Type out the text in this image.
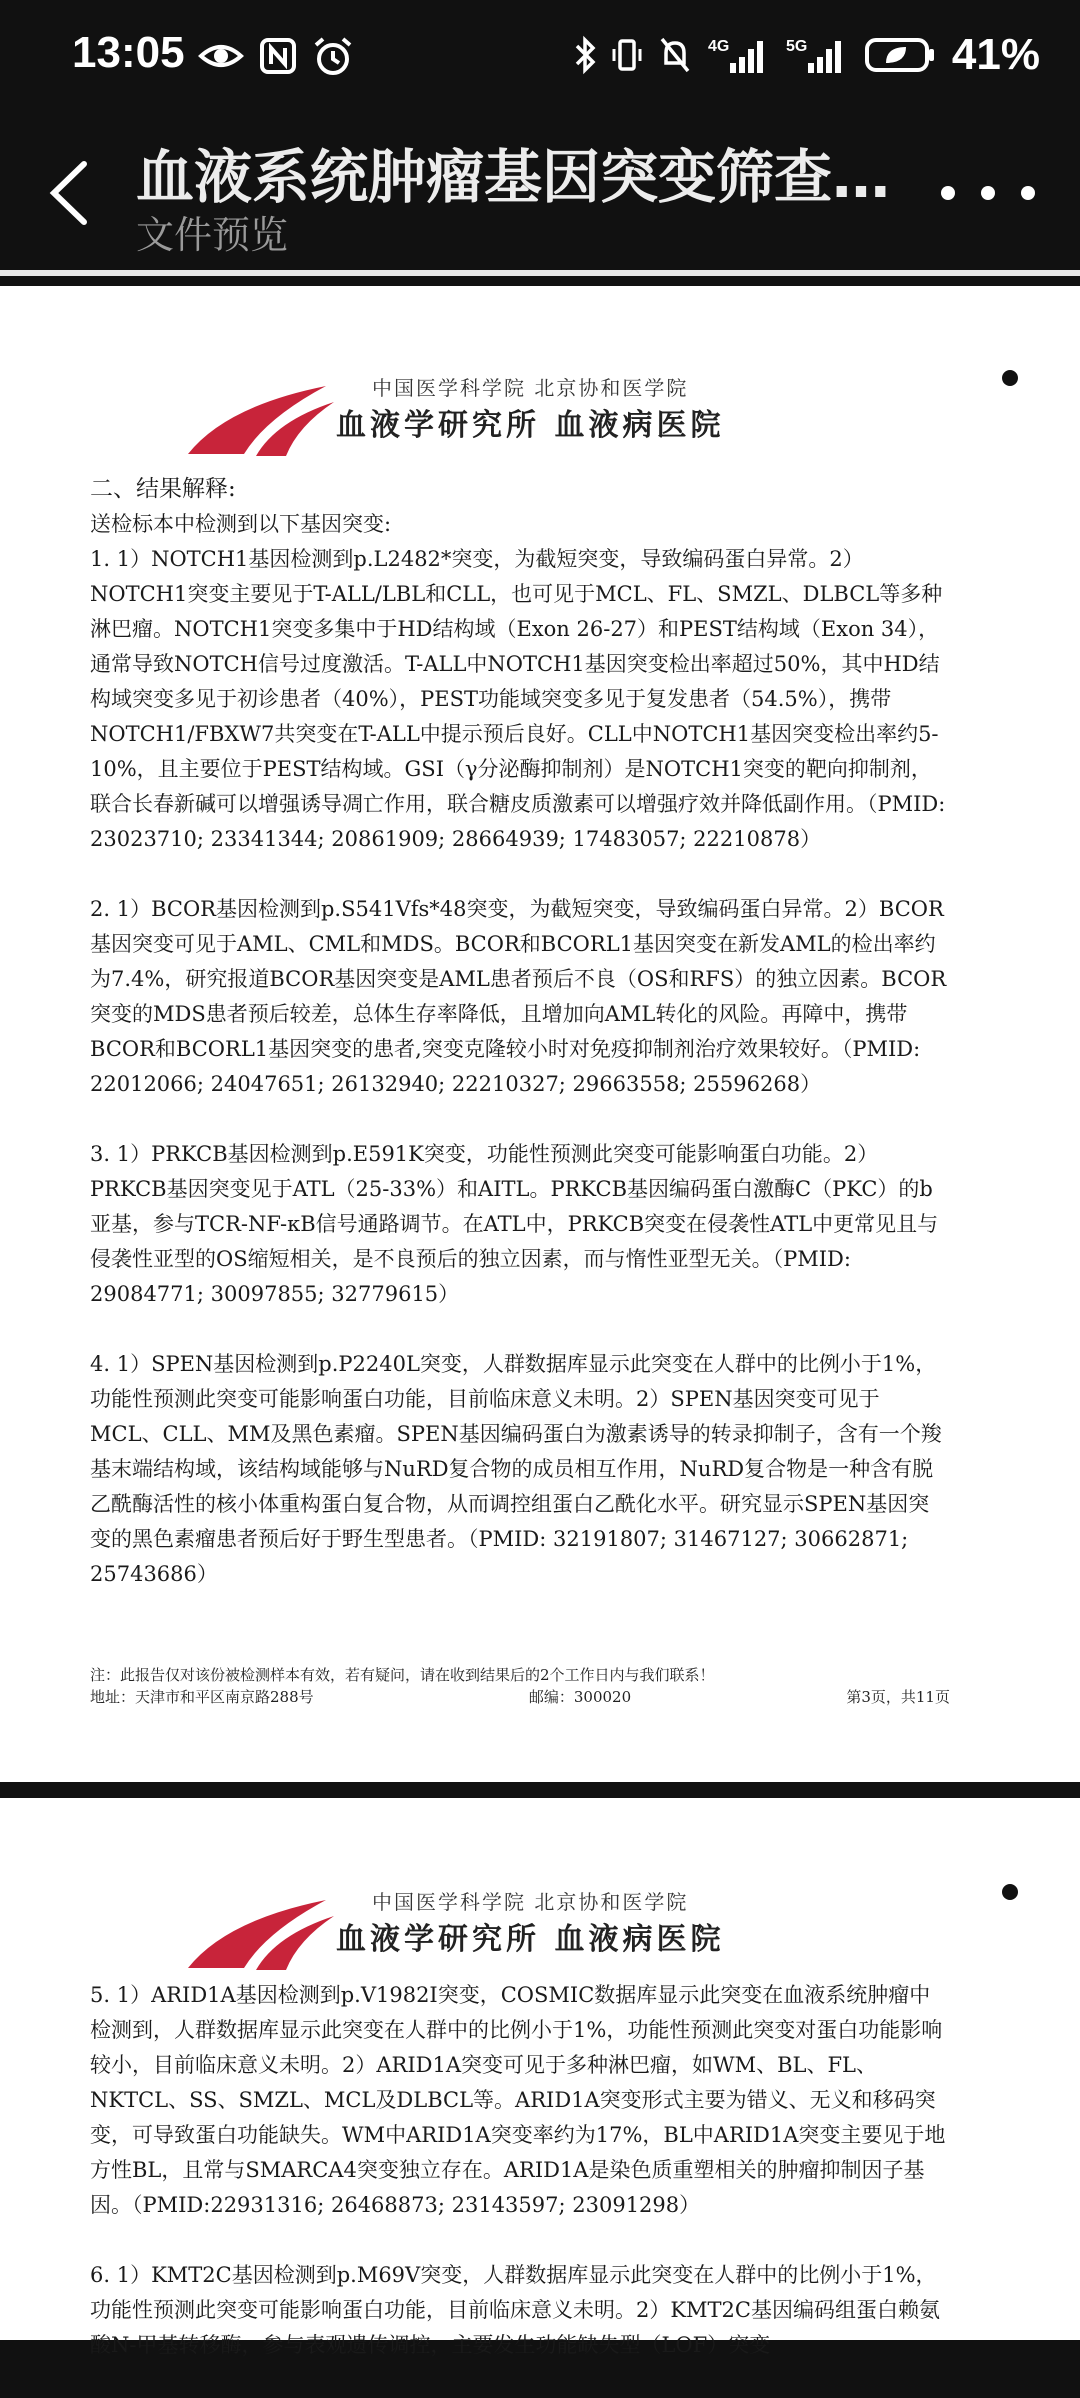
13:05	4G	5G	41%
血液系统肿瘤基因突变筛查…
文件预览
中国医学科学院 北京协和医学院
血液学研究所 血液病医院
二、结果解释:
送检标本中检测到以下基因突变:

1. 1）NOTCH1基因检测到p.L2482*突变，为截短突变，导致编码蛋白异常。2）NOTCH1突变主要见于T-ALL/LBL和CLL，也可见于MCL、FL、SMZL、DLBCL等多种淋巴瘤。NOTCH1突变多集中于HD结构域（Exon 26-27）和PEST结构域（Exon 34），通常导致NOTCH信号过度激活。T-ALL中NOTCH1基因突变检出率超过50%，其中HD结构域突变多见于初诊患者（40%），PEST功能域突变多见于复发患者（54.5%），携带NOTCH1/FBXW7共突变在T-ALL中提示预后良好。CLL中NOTCH1基因突变检出率约5-10%，且主要位于PEST结构域。GSI（γ分泌酶抑制剂）是NOTCH1突变的靶向抑制剂，联合长春新碱可以增强诱导凋亡作用，联合糖皮质激素可以增强疗效并降低副作用。（PMID: 23023710; 23341344; 20861909; 28664939; 17483057; 22210878）

2. 1）BCOR基因检测到p.S541Vfs*48突变，为截短突变，导致编码蛋白异常。2）BCOR基因突变可见于AML、CML和MDS。BCOR和BCORL1基因突变在新发AML的检出率约为7.4%，研究报道BCOR基因突变是AML患者预后不良（OS和RFS）的独立因素。BCOR突变的MDS患者预后较差，总体生存率降低，且增加向AML转化的风险。再障中，携带BCOR和BCORL1基因突变的患者,突变克隆较小时对免疫抑制剂治疗效果较好。（PMID: 22012066; 24047651; 26132940; 22210327; 29663558; 25596268）

3. 1）PRKCB基因检测到p.E591K突变，功能性预测此突变可能影响蛋白功能。2）PRKCB基因突变见于ATL（25-33%）和AITL。PRKCB基因编码蛋白激酶C（PKC）的b亚基，参与TCR-NF-κB信号通路调节。在ATL中，PRKCB突变在侵袭性ATL中更常见且与侵袭性亚型的OS缩短相关，是不良预后的独立因素，而与惰性亚型无关。（PMID: 29084771; 30097855; 32779615）

4. 1）SPEN基因检测到p.P2240L突变，人群数据库显示此突变在人群中的比例小于1%，功能性预测此突变可能影响蛋白功能，目前临床意义未明。2）SPEN基因突变可见于MCL、CLL、MM及黑色素瘤。SPEN基因编码蛋白为激素诱导的转录抑制子，含有一个羧基末端结构域，该结构域能够与NuRD复合物的成员相互作用，NuRD复合物是一种含有脱乙酰酶活性的核小体重构蛋白复合物，从而调控组蛋白乙酰化水平。研究显示SPEN基因突变的黑色素瘤患者预后好于野生型患者。（PMID: 32191807; 31467127; 30662871; 25743686）

注：此报告仅对该份被检测样本有效，若有疑问，请在收到结果后的2个工作日内与我们联系！
地址：天津市和平区南京路288号	邮编：300020	第3页，共11页
中国医学科学院 北京协和医学院
血液学研究所 血液病医院

5. 1）ARID1A基因检测到p.V1982I突变，COSMIC数据库显示此突变在血液系统肿瘤中检测到，人群数据库显示此突变在人群中的比例小于1%，功能性预测此突变对蛋白功能影响较小，目前临床意义未明。2）ARID1A突变可见于多种淋巴瘤，如WM、BL、FL、NKTCL、SS、SMZL、MCL及DLBCL等。ARID1A突变形式主要为错义、无义和移码突变，可导致蛋白功能缺失。WM中ARID1A突变率约为17%，BL中ARID1A突变主要见于地方性BL，且常与SMARCA4突变独立存在。ARID1A是染色质重塑相关的肿瘤抑制因子基因。（PMID:22931316; 26468873; 23143597; 23091298）

6. 1）KMT2C基因检测到p.M69V突变，人群数据库显示此突变在人群中的比例小于1%，功能性预测此突变可能影响蛋白功能，目前临床意义未明。2）KMT2C基因编码组蛋白赖氨酸N-甲基转移酶，参与表观遗传调控，主要发生功能缺失型（LOF）突变
